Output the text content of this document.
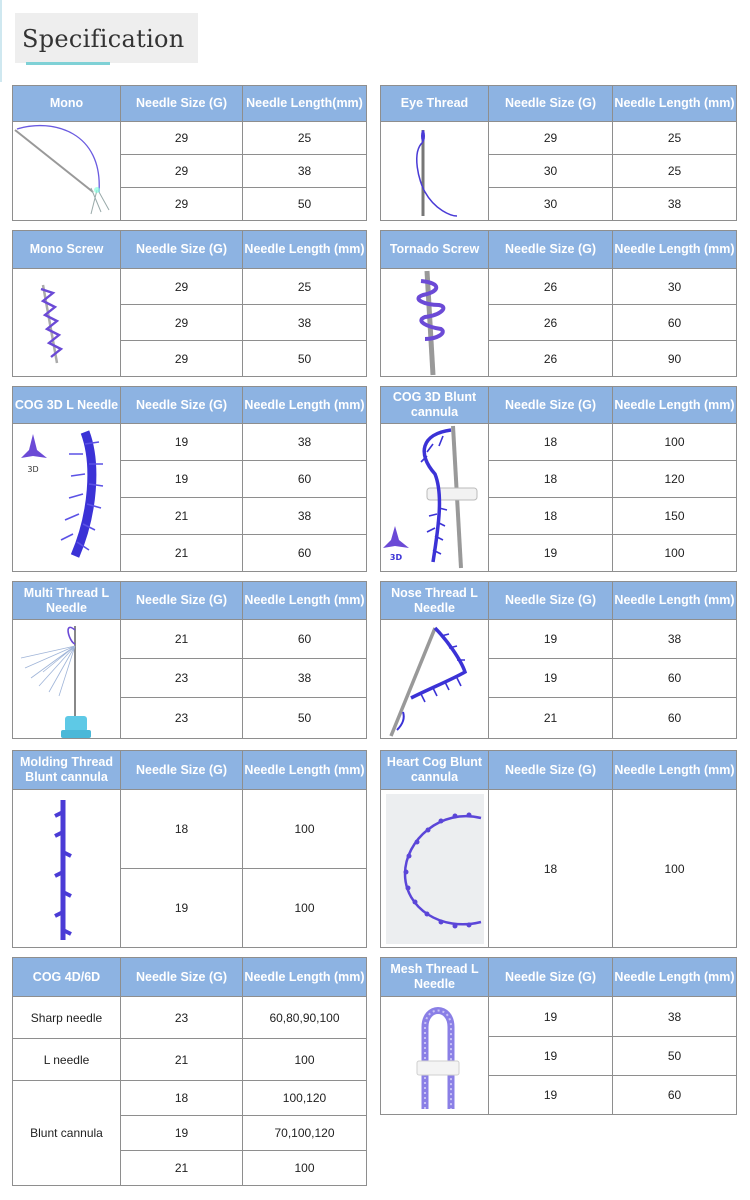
Specification
Mono	Needle Size (G)	Needle Length(mm)

	29	25
	29	38
	29	50
Eye Thread	Needle Size (G)	Needle Length (mm)

	29	25
	30	25
	30	38
Mono Screw	Needle Size (G)	Needle Length (mm)

	29	25
	29	38
	29	50
Tornado Screw	Needle Size (G)	Needle Length (mm)

	26	30
	26	60
	26	90
COG 3D L Needle	Needle Size (G)	Needle Length (mm)

3D	19	38
	19	60
	21	38
	21	60
COG 3D Blunt cannula	Needle Size (G)	Needle Length (mm)

3D	18	100
	18	120
	18	150
	19	100
Multi Thread L Needle	Needle Size (G)	Needle Length (mm)

	21	60
	23	38
	23	50
Nose Thread L Needle	Needle Size (G)	Needle Length (mm)

	19	38
	19	60
	21	60
Molding Thread Blunt cannula	Needle Size (G)	Needle Length (mm)

	18	100
	19	100
Heart Cog Blunt cannula	Needle Size (G)	Needle Length (mm)

	18	100
COG 4D/6D	Needle Size (G)	Needle Length (mm)
Sharp needle	23	60,80,90,100
L needle	21	100
Blunt cannula	18	100,120
	19	70,100,120
	21	100
Mesh Thread L Needle	Needle Size (G)	Needle Length (mm)

	19	38
	19	50
	19	60
